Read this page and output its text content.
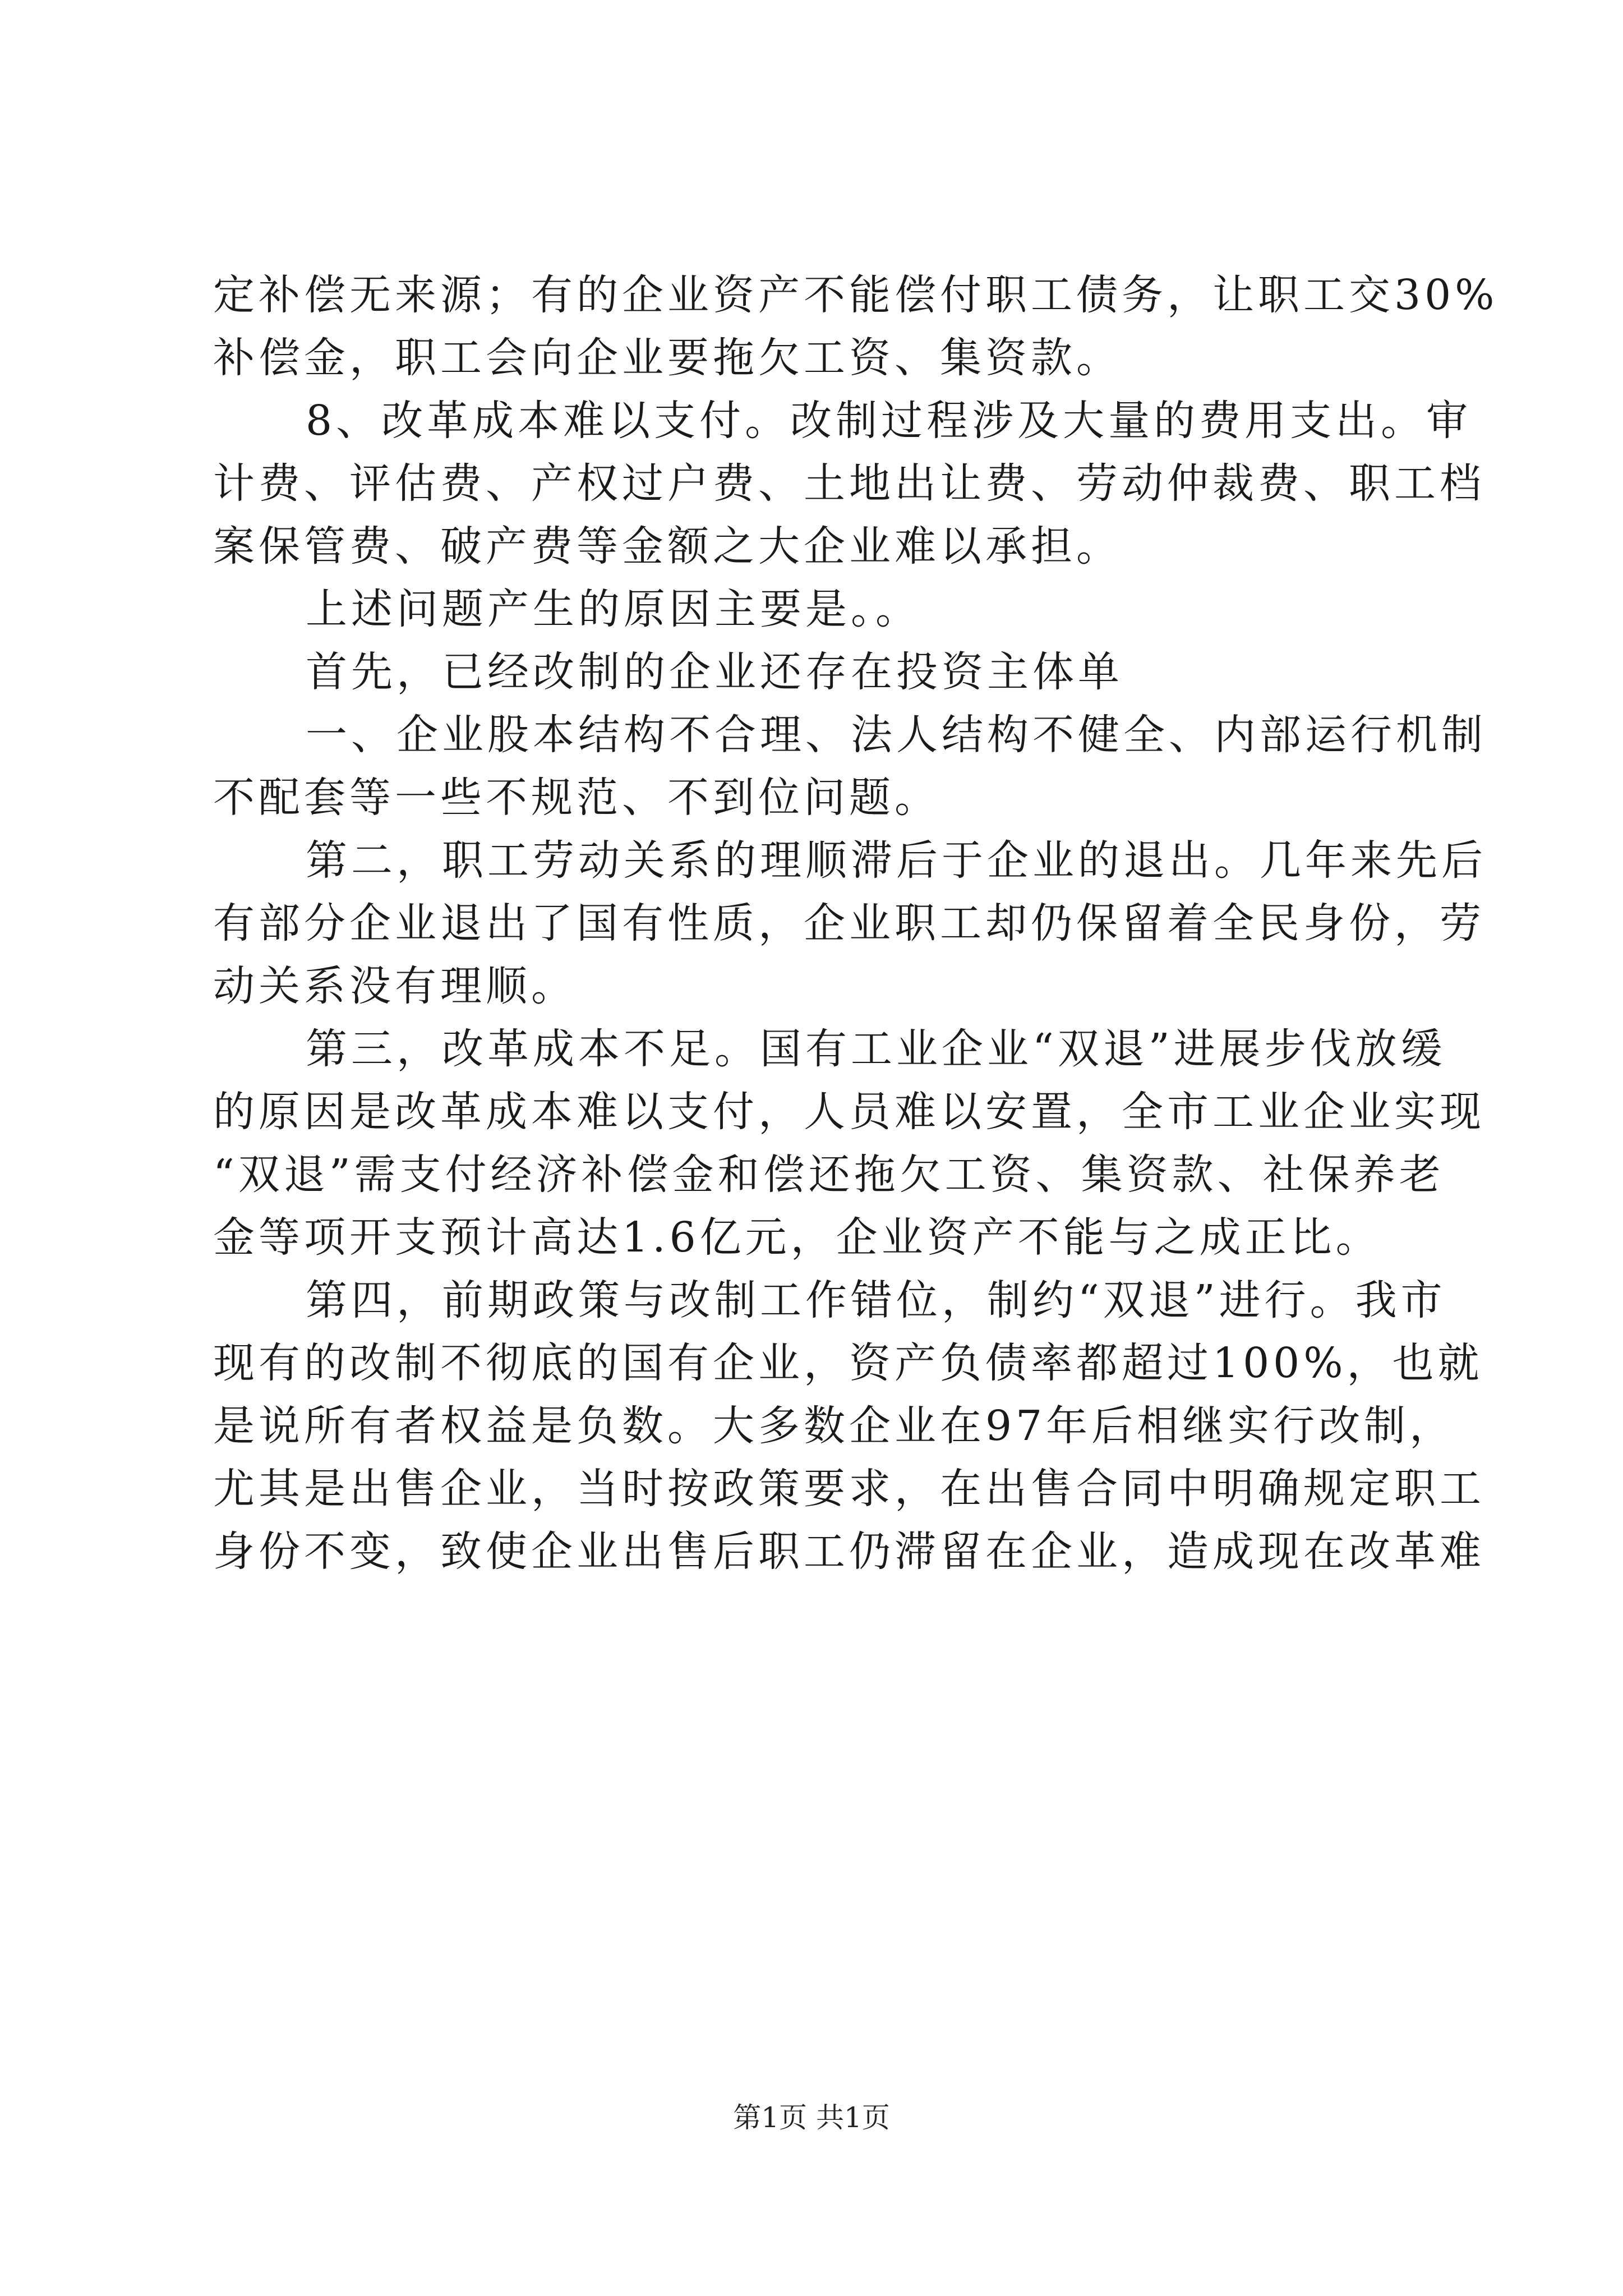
定补偿无来源；有的企业资产不能偿付职工债务，让职工交30%
补偿金，职工会向企业要拖欠工资、集资款。
8、改革成本难以支付。改制过程涉及大量的费用支出。审
计费、评估费、产权过户费、土地出让费、劳动仲裁费、职工档
案保管费、破产费等金额之大企业难以承担。
上述问题产生的原因主要是。。
首先，已经改制的企业还存在投资主体单
一、企业股本结构不合理、法人结构不健全、内部运行机制
不配套等一些不规范、不到位问题。
第二，职工劳动关系的理顺滞后于企业的退出。几年来先后
有部分企业退出了国有性质，企业职工却仍保留着全民身份，劳
动关系没有理顺。
第三，改革成本不足。国有工业企业“双退”进展步伐放缓
的原因是改革成本难以支付，人员难以安置，全市工业企业实现
“双退”需支付经济补偿金和偿还拖欠工资、集资款、社保养老
金等项开支预计高达1.6亿元，企业资产不能与之成正比。
第四，前期政策与改制工作错位，制约“双退”进行。我市
现有的改制不彻底的国有企业，资产负债率都超过100%，也就
是说所有者权益是负数。大多数企业在97年后相继实行改制，
尤其是出售企业，当时按政策要求，在出售合同中明确规定职工
身份不变，致使企业出售后职工仍滞留在企业，造成现在改革难
第1页 共1页
